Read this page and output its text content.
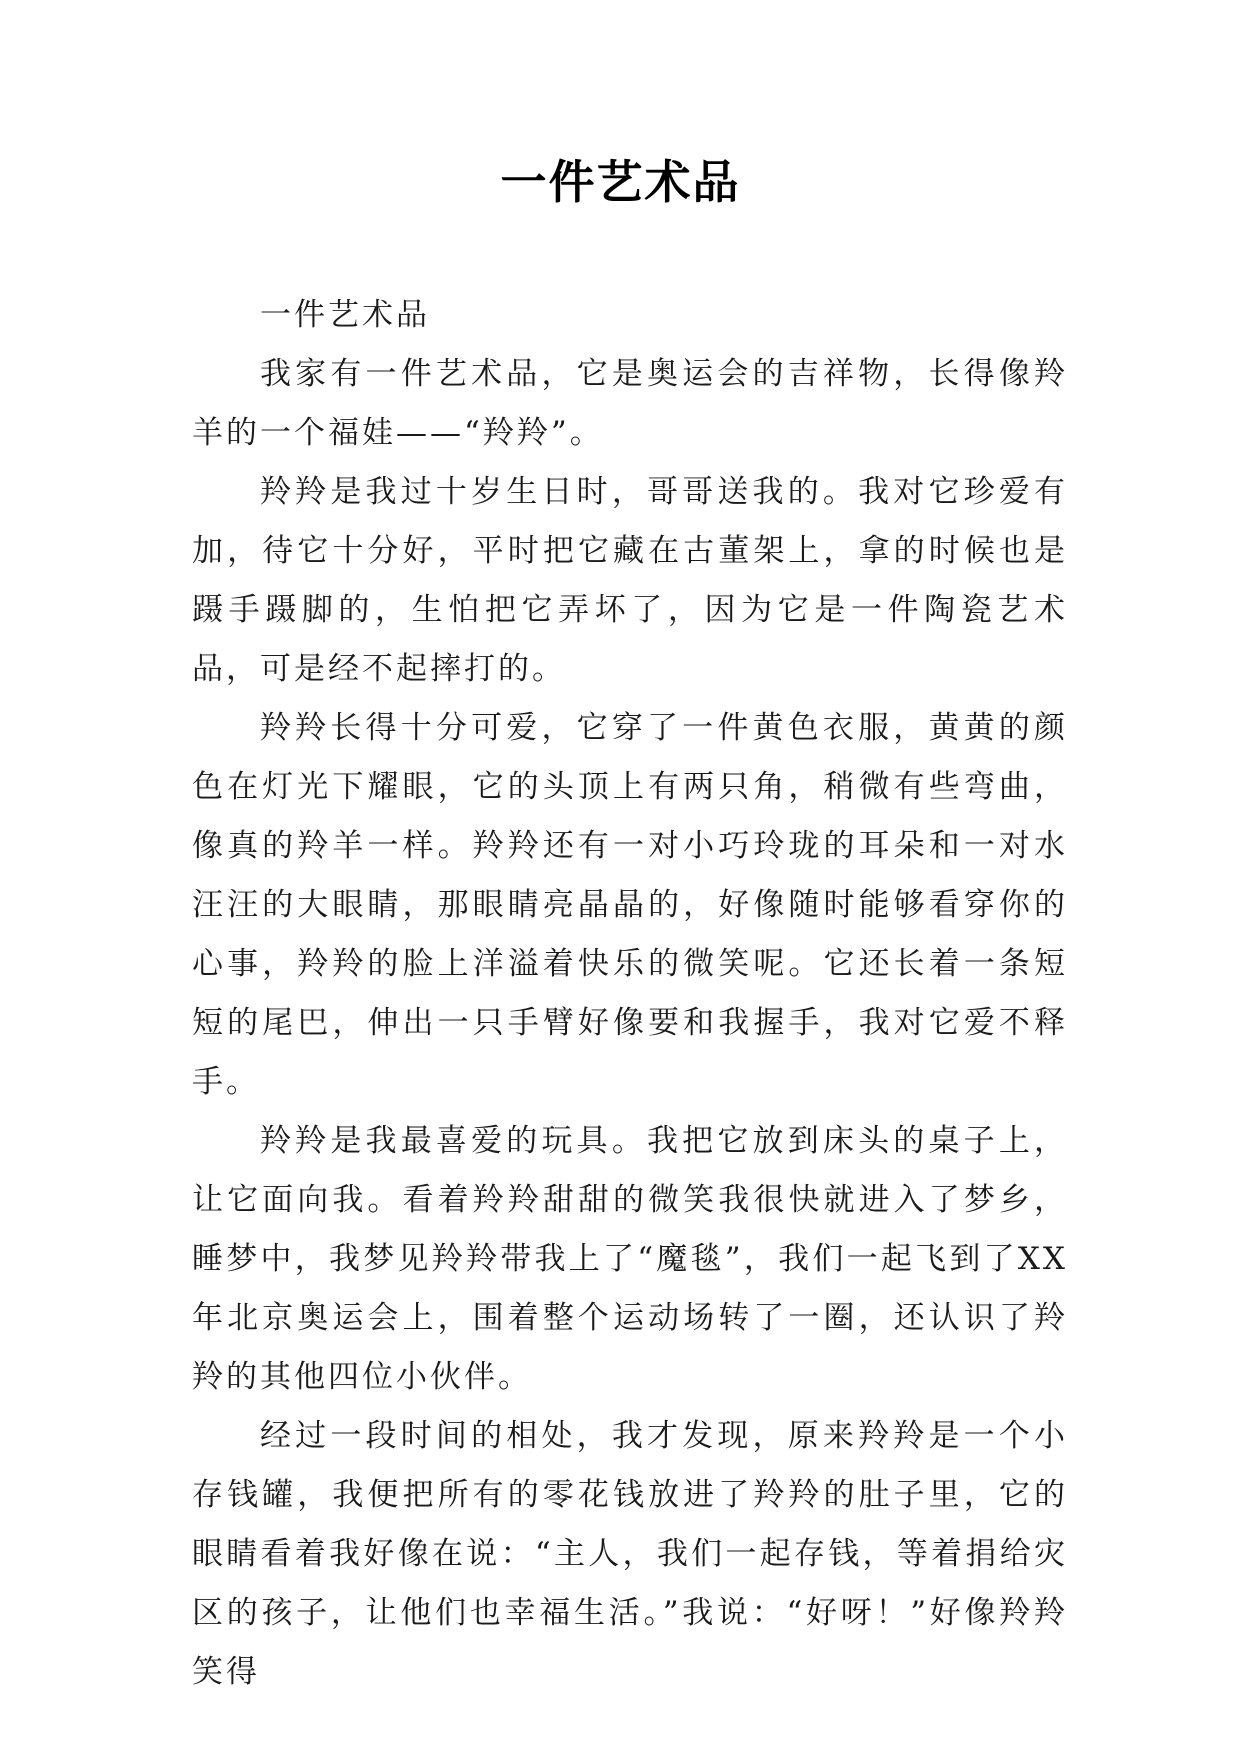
一件艺术品

一件艺术品

我家有一件艺术品，它是奥运会的吉祥物，长得像羚羊的一个福娃——“羚羚”。

羚羚是我过十岁生日时，哥哥送我的。我对它珍爱有加，待它十分好，平时把它藏在古董架上，拿的时候也是蹑手蹑脚的，生怕把它弄坏了，因为它是一件陶瓷艺术品，可是经不起摔打的。

羚羚长得十分可爱，它穿了一件黄色衣服，黄黄的颜色在灯光下耀眼，它的头顶上有两只角，稍微有些弯曲，像真的羚羊一样。羚羚还有一对小巧玲珑的耳朵和一对水汪汪的大眼睛，那眼睛亮晶晶的，好像随时能够看穿你的心事，羚羚的脸上洋溢着快乐的微笑呢。它还长着一条短短的尾巴，伸出一只手臂好像要和我握手，我对它爱不释手。

羚羚是我最喜爱的玩具。我把它放到床头的桌子上，让它面向我。看着羚羚甜甜的微笑我很快就进入了梦乡，睡梦中，我梦见羚羚带我上了“魔毯”，我们一起飞到了XX年北京奥运会上，围着整个运动场转了一圈，还认识了羚羚的其他四位小伙伴。

经过一段时间的相处，我才发现，原来羚羚是一个小存钱罐，我便把所有的零花钱放进了羚羚的肚子里，它的眼睛看着我好像在说：“主人，我们一起存钱，等着捐给灾区的孩子，让他们也幸福生活。”我说：“好呀！”好像羚羚笑得
